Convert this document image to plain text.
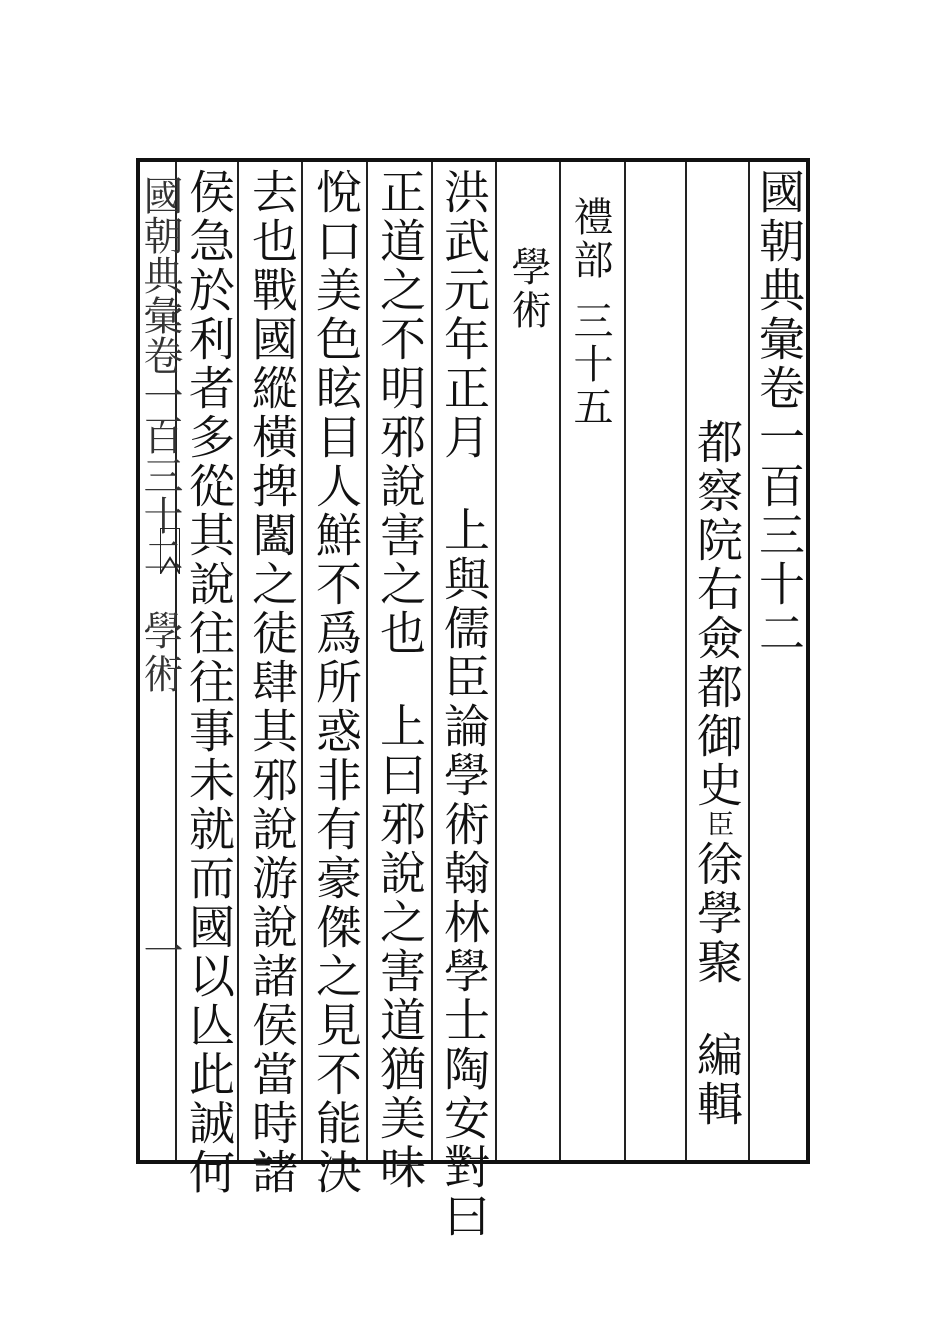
國朝典彙卷一百三十二
學術
一
國朝典彙卷一百三十二
都察院右僉都御史臣徐學聚編輯
禮部三十五
學術
洪武元年正月上與儒臣論學術翰林學士陶安對曰
正道之不明邪說害之也上曰邪說之害道猶美味
悅口美色眩目人鮮不爲所惑非有豪傑之見不能決
去也戰國縱橫捭闔之徒肆其邪說游說諸侯當時諸
侯急於利者多從其說往往事未就而國以亾此誠何
